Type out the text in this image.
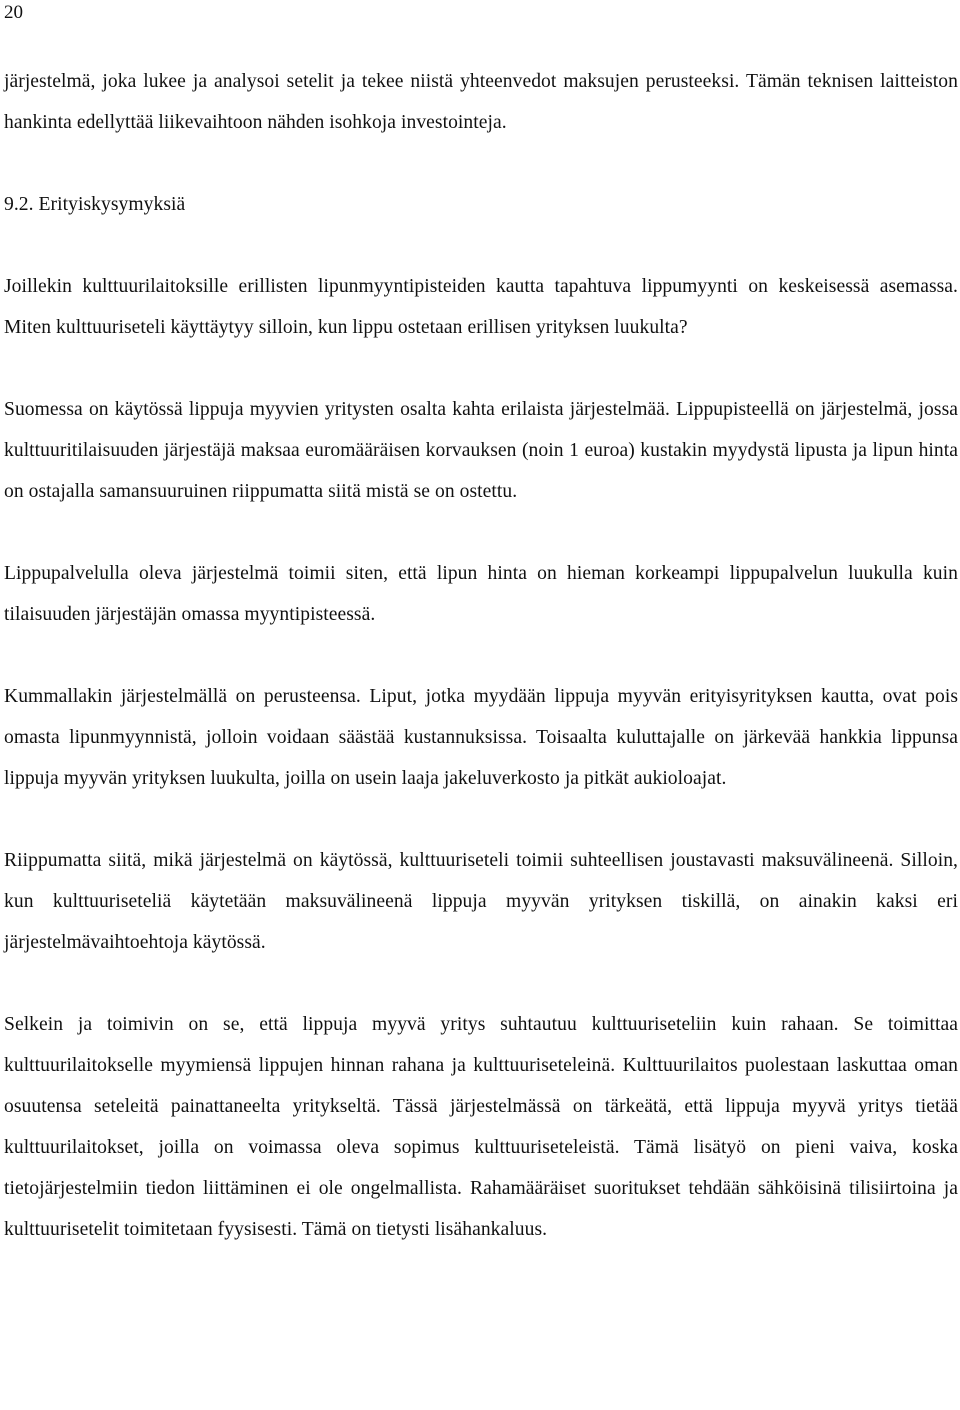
20

järjestelmä, joka lukee ja analysoi setelit ja tekee niistä yhteenvedot maksujen perusteeksi. Tämän teknisen laitteiston hankinta edellyttää liikevaihtoon nähden isohkoja investointeja.

9.2. Erityiskysymyksiä

Joillekin kulttuurilaitoksille erillisten lipunmyyntipisteiden kautta tapahtuva lippumyynti on keskeisessä asemassa. Miten kulttuuriseteli käyttäytyy silloin, kun lippu ostetaan erillisen yrityksen luukulta?

Suomessa on käytössä lippuja myyvien yritysten osalta kahta erilaista järjestelmää. Lippupisteellä on järjestelmä, jossa kulttuuritilaisuuden järjestäjä maksaa euromääräisen korvauksen (noin 1 euroa) kustakin myydystä lipusta ja lipun hinta on ostajalla samansuuruinen riippumatta siitä mistä se on ostettu.

Lippupalvelulla oleva järjestelmä toimii siten, että lipun hinta on hieman korkeampi lippupalvelun luukulla kuin tilaisuuden järjestäjän omassa myyntipisteessä.

Kummallakin järjestelmällä on perusteensa. Liput, jotka myydään lippuja myyvän erityisyrityksen kautta, ovat pois omasta lipunmyynnistä, jolloin voidaan säästää kustannuksissa. Toisaalta kuluttajalle on järkevää hankkia lippunsa lippuja myyvän yrityksen luukulta, joilla on usein laaja jakeluverkosto ja pitkät aukioloajat.

Riippumatta siitä, mikä järjestelmä on käytössä, kulttuuriseteli toimii suhteellisen joustavasti maksuvälineenä. Silloin, kun kulttuuriseteliä käytetään maksuvälineenä lippuja myyvän yrityksen tiskillä, on ainakin kaksi eri järjestelmävaihtoehtoja käytössä.

Selkein ja toimivin on se, että lippuja myyvä yritys suhtautuu kulttuuriseteliin kuin rahaan. Se toimittaa kulttuurilaitokselle myymiensä lippujen hinnan rahana ja kulttuuriseteleinä. Kulttuurilaitos puolestaan laskuttaa oman osuutensa seteleitä painattaneelta yritykseltä. Tässä järjestelmässä on tärkeätä, että lippuja myyvä yritys tietää kulttuurilaitokset, joilla on voimassa oleva sopimus kulttuuriseteleistä. Tämä lisätyö on pieni vaiva, koska tietojärjestelmiin tiedon liittäminen ei ole ongelmallista. Rahamääräiset suoritukset tehdään sähköisinä tilisiirtoina ja kulttuurisetelit toimitetaan fyysisesti. Tämä on tietysti lisähankaluus.
